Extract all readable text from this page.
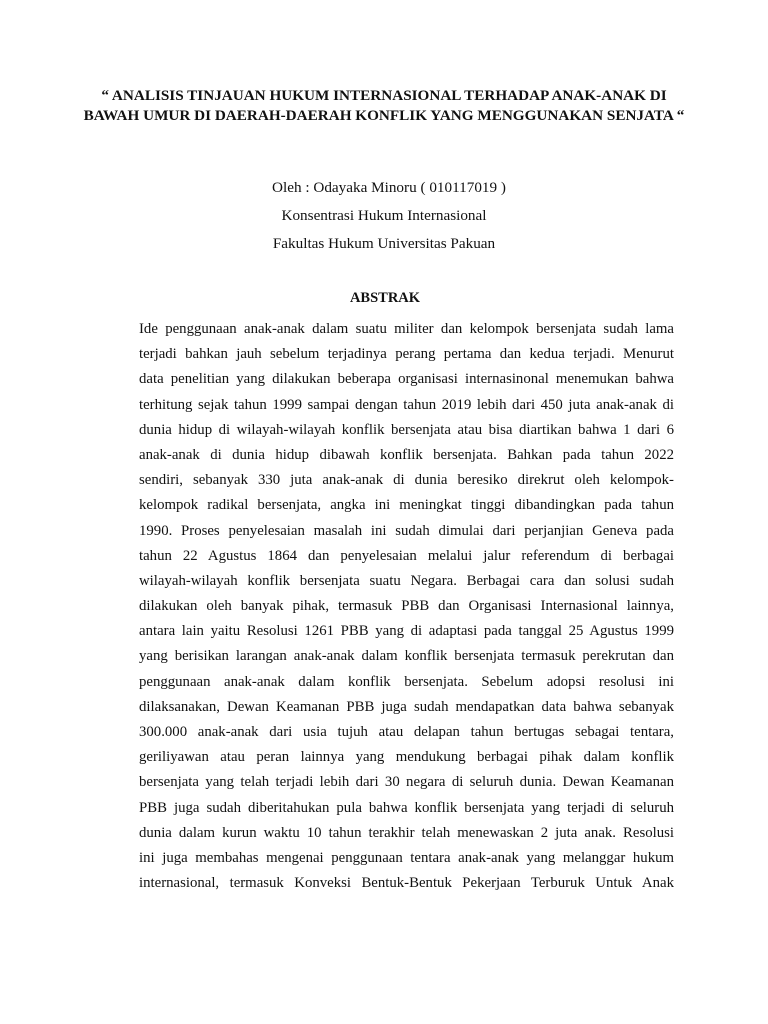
“ ANALISIS TINJAUAN HUKUM INTERNASIONAL TERHADAP ANAK-ANAK DI BAWAH UMUR DI DAERAH-DAERAH KONFLIK YANG MENGGUNAKAN SENJATA “

Oleh : Odayaka Minoru ( 010117019 )

Konsentrasi Hukum Internasional

Fakultas Hukum Universitas Pakuan

ABSTRAK
Ide penggunaan anak-anak dalam suatu militer dan kelompok bersenjata sudah lama
terjadi bahkan jauh sebelum terjadinya perang pertama dan kedua terjadi. Menurut
data penelitian yang dilakukan beberapa organisasi internasinonal menemukan bahwa
terhitung sejak tahun 1999 sampai dengan tahun 2019 lebih dari 450 juta anak-anak di
dunia hidup di wilayah-wilayah konflik bersenjata atau bisa diartikan bahwa 1 dari 6
anak-anak di dunia hidup dibawah konflik bersenjata. Bahkan pada tahun 2022
sendiri, sebanyak 330 juta anak-anak di dunia beresiko direkrut oleh kelompok-
kelompok radikal bersenjata, angka ini meningkat tinggi dibandingkan pada tahun
1990. Proses penyelesaian masalah ini sudah dimulai dari perjanjian Geneva pada
tahun 22 Agustus 1864 dan penyelesaian melalui jalur referendum di berbagai
wilayah-wilayah konflik bersenjata suatu Negara. Berbagai cara dan solusi sudah
dilakukan oleh banyak pihak, termasuk PBB dan Organisasi Internasional lainnya,
antara lain yaitu Resolusi 1261 PBB yang di adaptasi pada tanggal 25 Agustus 1999
yang berisikan larangan anak-anak dalam konflik bersenjata termasuk perekrutan dan
penggunaan anak-anak dalam konflik bersenjata. Sebelum adopsi resolusi ini
dilaksanakan, Dewan Keamanan PBB juga sudah mendapatkan data bahwa sebanyak
300.000 anak-anak dari usia tujuh atau delapan tahun bertugas sebagai tentara,
geriliyawan atau peran lainnya yang mendukung berbagai pihak dalam konflik
bersenjata yang telah terjadi lebih dari 30 negara di seluruh dunia. Dewan Keamanan
PBB juga sudah diberitahukan pula bahwa konflik bersenjata yang terjadi di seluruh
dunia dalam kurun waktu 10 tahun terakhir telah menewaskan 2 juta anak. Resolusi
ini juga membahas mengenai penggunaan tentara anak-anak yang melanggar hukum
internasional, termasuk Konveksi Bentuk-Bentuk Pekerjaan Terburuk Untuk Anak
